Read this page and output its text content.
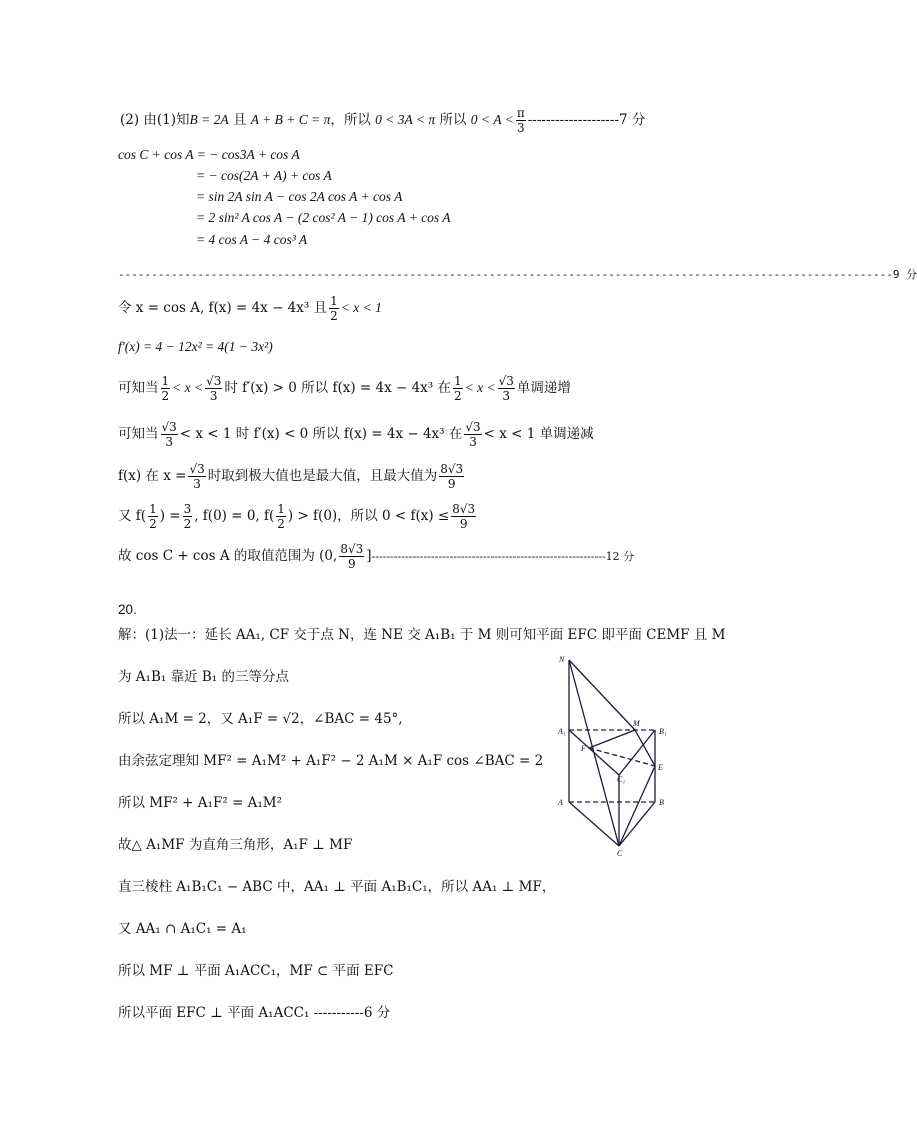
(2) 由(1)知B = 2A 且 A + B + C = π，所以 0 < 3A < π 所以 $0 < A < \frac{\pi}{3} --------------------7$ 分
cos C + cos A = − cos3A + cos A
= − cos(2A + A) + cos A
= sin 2A sin A − cos 2A cos A + cos A
= 2 sin² A cos A − (2 cos² A − 1) cos A + cos A
= 4 cos A − 4 cos³ A
---------------------------------------------------------------------------------------------------------------------9 分
令 x = cos A, f(x) = 4x − 4x³ 且 $\frac{1}{2} < x < 1$
f′(x) = 4 − 12x² = 4(1 − 3x²)
可知当 $\frac{1}{2} < x < \frac{√3}{3}$ 时 f′(x) > 0 所以 f(x) = 4x − 4x³ 在 $\frac{1}{2} < x < \frac{√3}{3}$ 单调递增
可知当 $\frac{√3}{3} < x < 1$ 时 f′(x) < 0 所以 f(x) = 4x − 4x³ 在 $\frac{√3}{3} < x < 1$ 单调递减
f(x) 在 $x = \frac{√3}{3}$ 时取到极大值也是最大值，且最大值为 $\frac{8√3}{9}$
又 $f( \frac{1}{2}$ ) = $\frac{3}{2}$ , f(0) = 0, $f( \frac{1}{2}$ ) > f(0)，所以 $0 < f(x) \le \frac{8√3}{9}$
故 cos C + cos A 的取值范围为 (0, $\frac{8√3}{9} ]---------------------------------------------------------------12$ 分
20.
解：(1)法一：延长 AA₁, CF 交于点 N，连 NE 交 A₁B₁ 于 M 则可知平面 EFC 即平面 CEMF 且 M
为 A₁B₁ 靠近 B₁ 的三等分点
所以 A₁M = 2，又 A₁F = √2，∠BAC = 45°,
由余弦定理知 MF² = A₁M² + A₁F² − 2 A₁M × A₁F cos ∠BAC = 2
所以 MF² + A₁F² = A₁M²
故△ A₁MF 为直角三角形，A₁F ⊥ MF
直三棱柱 A₁B₁C₁ − ABC 中，AA₁ ⊥ 平面 A₁B₁C₁，所以 AA₁ ⊥ MF，
又 AA₁ ∩ A₁C₁ = A₁
所以 MF ⊥ 平面 A₁ACC₁，MF ⊂ 平面 EFC
所以平面 EFC ⊥ 平面 A₁ACC₁ -----------6 分
N
M
A₁	B₁
F
C₁
E
A	B
C
